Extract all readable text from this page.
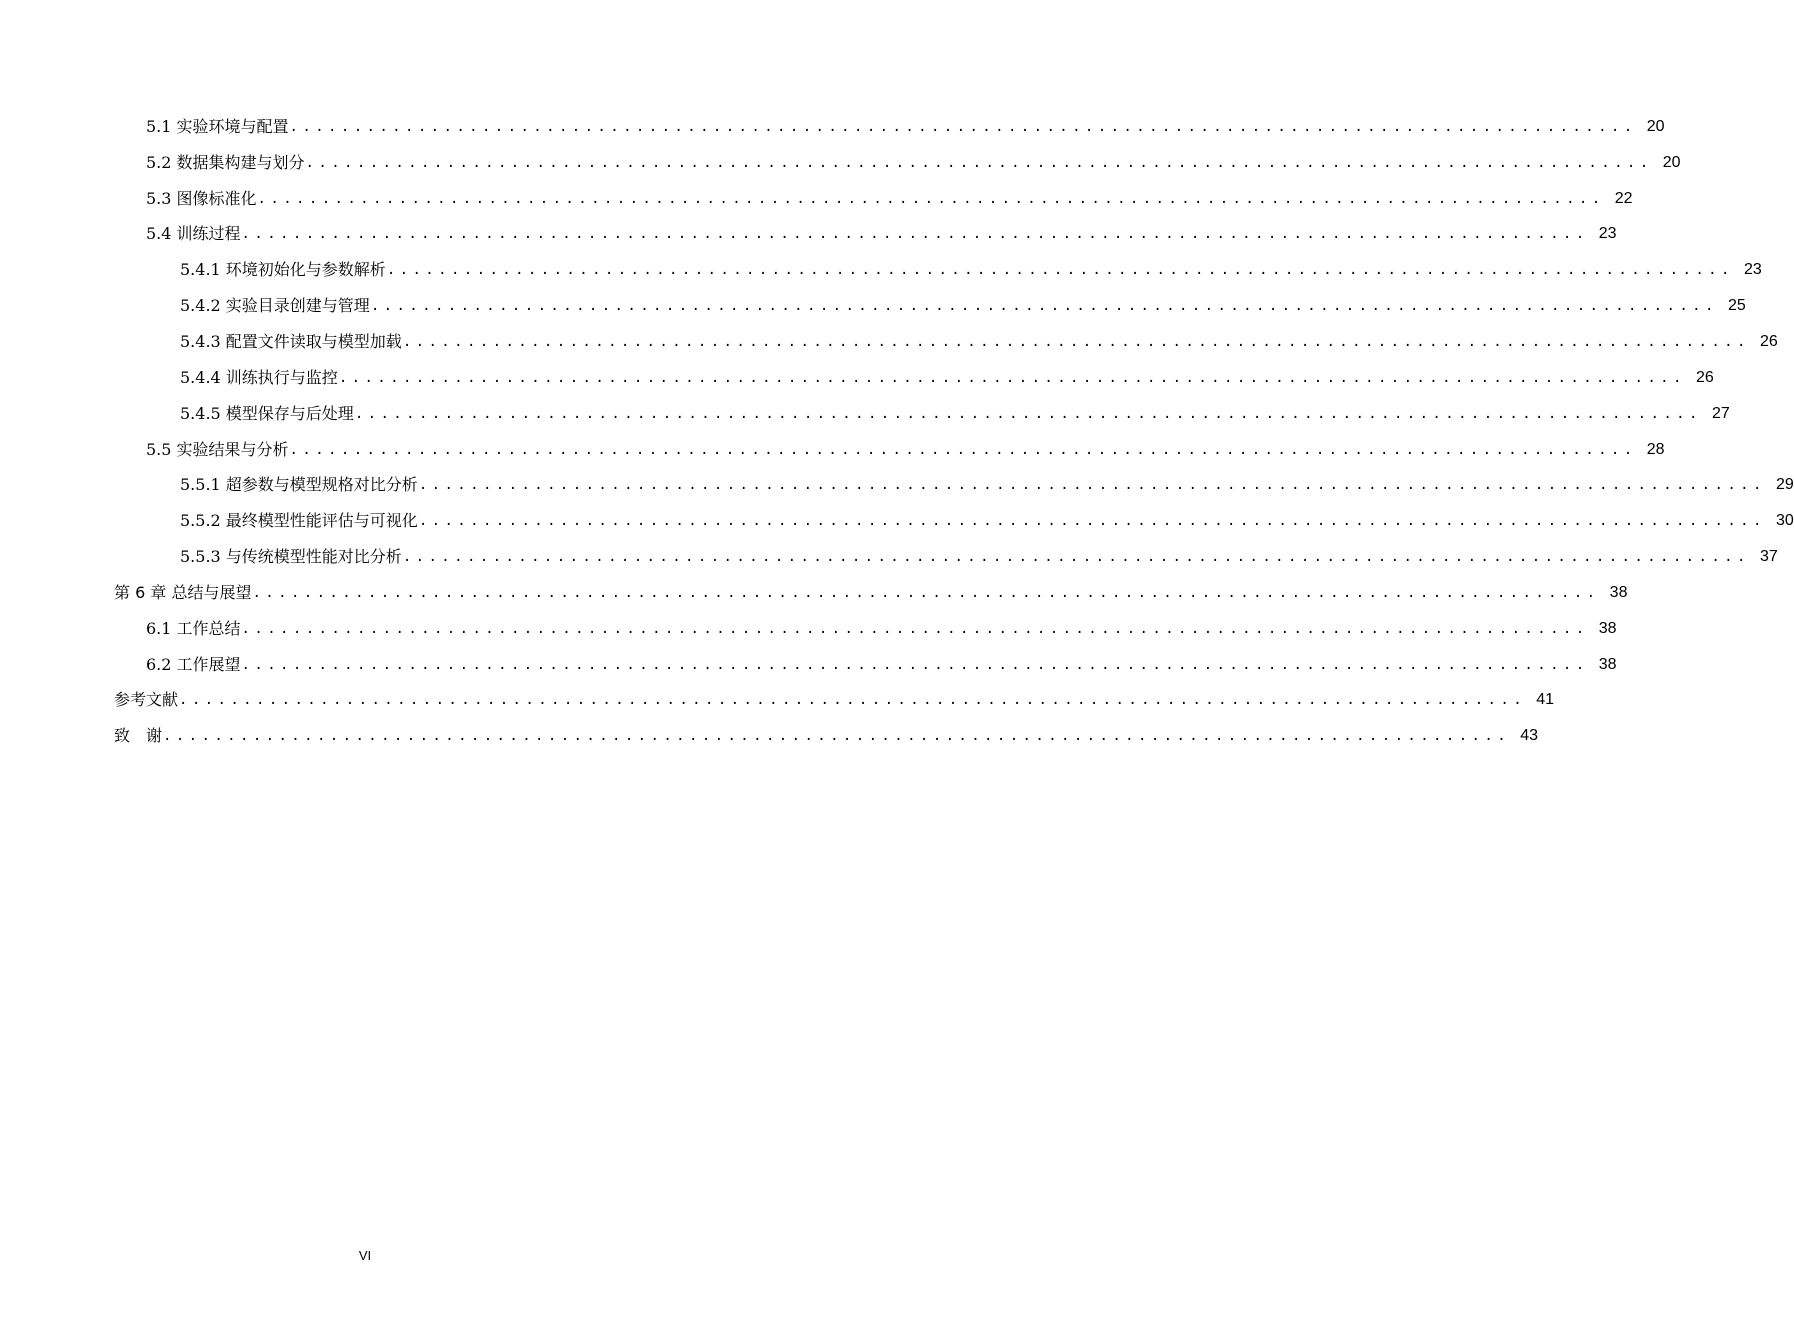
5.1 实验环境与配置 ......................................................................................................... 20
5.2 数据集构建与划分 ......................................................................................................... 20
5.3 图像标准化 ......................................................................................................... 22
5.4 训练过程 ......................................................................................................... 23
5.4.1 环境初始化与参数解析 ......................................................................................................... 23
5.4.2 实验目录创建与管理 ......................................................................................................... 25
5.4.3 配置文件读取与模型加载 ......................................................................................................... 26
5.4.4 训练执行与监控 ......................................................................................................... 26
5.4.5 模型保存与后处理 ......................................................................................................... 27
5.5 实验结果与分析 ......................................................................................................... 28
5.5.1 超参数与模型规格对比分析 ......................................................................................................... 29
5.5.2 最终模型性能评估与可视化 ......................................................................................................... 30
5.5.3 与传统模型性能对比分析 ......................................................................................................... 37
第 6 章 总结与展望 ......................................................................................................... 38
6.1 工作总结 ......................................................................................................... 38
6.2 工作展望 ......................................................................................................... 38
参考文献 ......................................................................................................... 41
致　谢 ......................................................................................................... 43
VI
